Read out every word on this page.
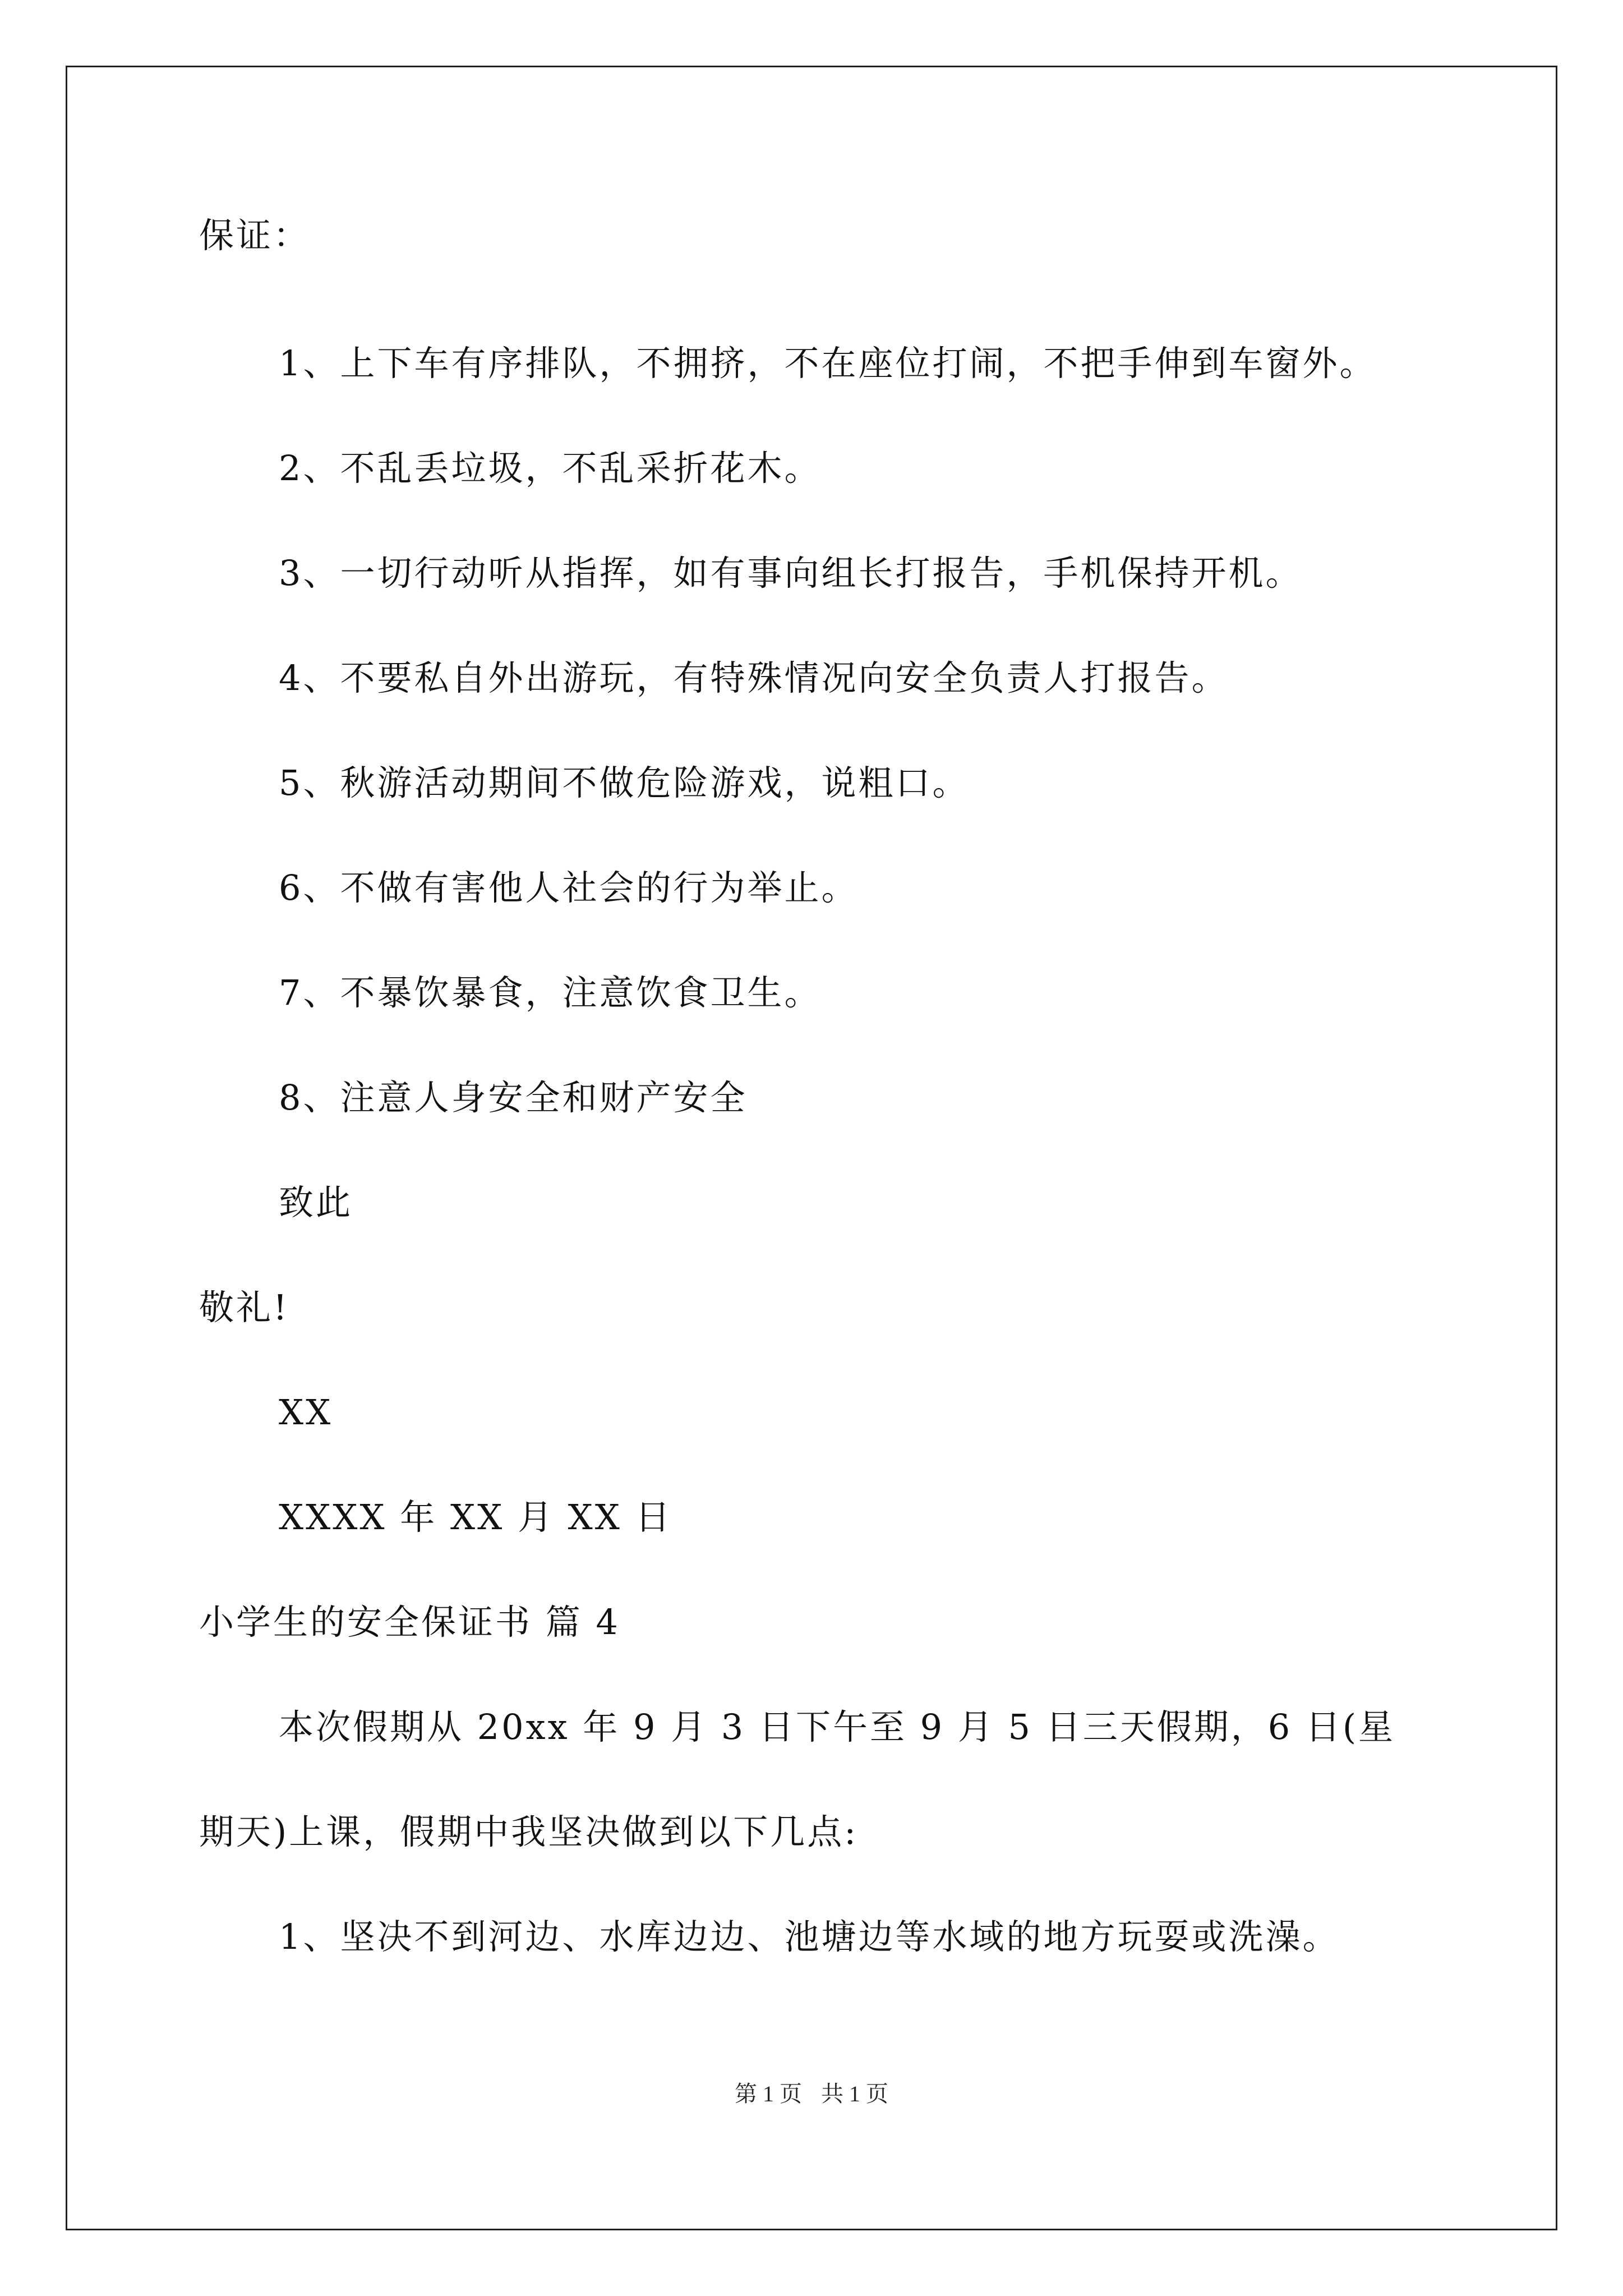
保证：
1、上下车有序排队，不拥挤，不在座位打闹，不把手伸到车窗外。
2、不乱丢垃圾，不乱采折花木。
3、一切行动听从指挥，如有事向组长打报告，手机保持开机。
4、不要私自外出游玩，有特殊情况向安全负责人打报告。
5、秋游活动期间不做危险游戏，说粗口。
6、不做有害他人社会的行为举止。
7、不暴饮暴食，注意饮食卫生。
8、注意人身安全和财产安全
致此
敬礼!
XX
XXXX 年 XX 月 XX 日
小学生的安全保证书 篇 4
本次假期从 20xx 年 9 月 3 日下午至 9 月 5 日三天假期，6 日(星
期天)上课，假期中我坚决做到以下几点:
1、坚决不到河边、水库边边、池塘边等水域的地方玩耍或洗澡。
第 1 页 共 1 页
